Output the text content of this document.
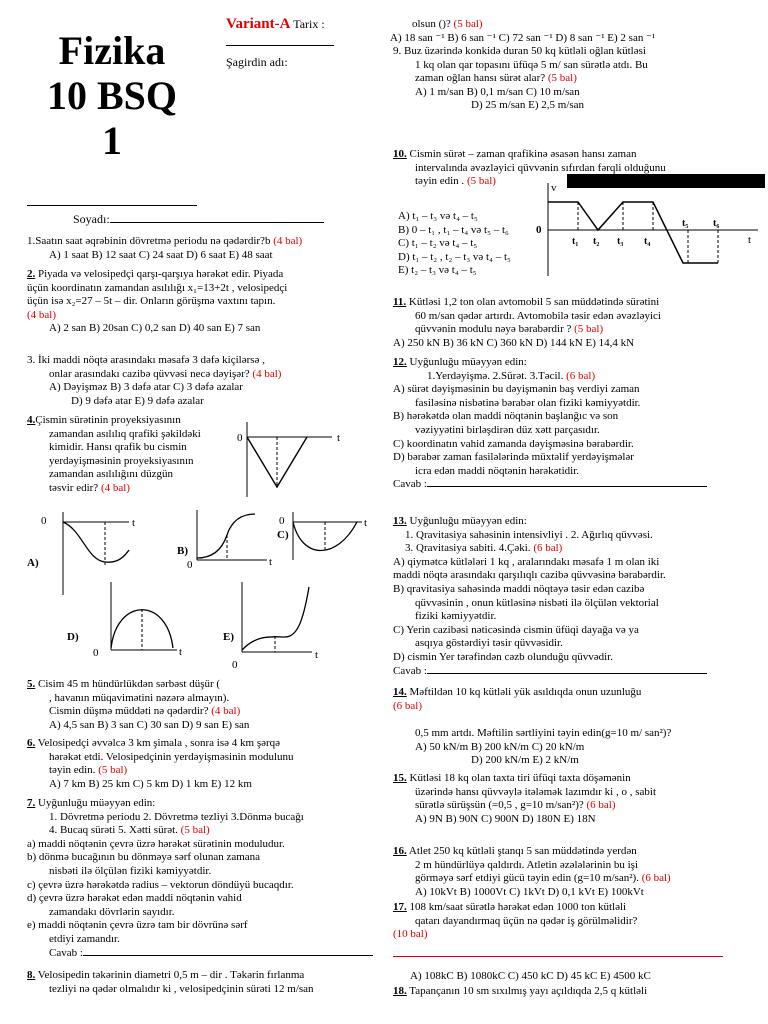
Fizika
10 BSQ
1
Soyadı:
1.Saatın saat əqrəbinin dövretmə periodu nə qədərdir?b (4 bal)
A) 1 saat B) 12 saat C) 24 saat D) 6 saat E) 48 saat
2. Piyada və velosipedçi qarşı-qarşıya hərəkət edir. Piyada
üçün koordinatın zamandan asılılığı x₁=13+2t , velosipedçi
üçün isə x₂=27 – 5t – dir. Onların görüşmə vaxtını tapın.
(4 bal)
A) 2 san B) 20san C) 0,2 san D) 40 san E) 7 san
3. İki maddi nöqtə arasındakı məsafə 3 dəfə kiçilərsə ,
onlar arasındakı cazibə qüvvəsi necə dəyişər? (4 bal)
A) Dəyişməz B) 3 dəfə atar C) 3 dəfə azalar
D) 9 dəfə atar E) 9 dəfə azalar
4.Çismin sürətinin proyeksiyasının
zamandan asılılıq qrafiki şəkildəki
kimidir. Hansı qrafik bu cismin
yerdəyişməsinin proyeksiyasının
zamandan asılılığını düzgün
təsvir edir? (4 bal)
0	t
0	t
A)
B)
0	t
0
C)
t
D)
0	t
E)
0
t
5. Cisim 45 m hündürlükdən sərbəst düşür (
, havanın müqavimətini nəzərə almayın).
Cismin düşmə müddəti nə qədərdir? (4 bal)
A) 4,5 san B) 3 san C) 30 san D) 9 san E) san
6. Velosipedçi əvvəlcə 3 km şimala , sonra isə 4 km şərqə
hərəkət etdi. Velosipedçinin yerdəyişməsinin modulunu
təyin edin. (5 bal)
A) 7 km B) 25 km C) 5 km D) 1 km E) 12 km
7. Uyğunluğu müəyyən edin:
1. Dövretmə periodu 2. Dövretmə tezliyi 3.Dönmə bucağı
4. Bucaq sürəti 5. Xətti sürət. (5 bal)
a) maddi nöqtənin çevrə üzrə hərəkət sürətinin moduludur.
b) dönmə bucağının bu dönməyə sərf olunan zamana
nisbəti ilə ölçülən fiziki kəmiyyətdir.
c) çevrə üzrə hərəkətdə radius – vektorun döndüyü bucaqdır.
d) çevrə üzrə hərəkət edən maddi nöqtənin vahid
zamandakı dövrlərin sayıdır.
e) maddi nöqtənin çevrə üzrə tam bir dövrünə sərf
etdiyi zamandır.
Cavab :
8. Velosipedin təkərinin diametri 0,5 m – dir . Təkərin fırlanma
tezliyi nə qədər olmalıdır ki , velosipedçinin sürəti 12 m/san
Variant-A Tarix :
Şagirdin adı:
olsun ()? (5 bal)
A) 18 san ⁻¹ B) 6 san ⁻¹ C) 72 san ⁻¹ D) 8 san ⁻¹ E) 2 san ⁻¹
9. Buz üzərində konkidə duran 50 kq kütləli oğlan kütləsi
1 kq olan qar topasını üfüqə 5 m/ san sürətlə atdı. Bu
zaman oğlan hansı sürət alar? (5 bal)
A) 1 m/san B) 0,1 m/san C) 10 m/san
D) 25 m/san E) 2,5 m/san
10. Cismin sürət – zaman qrafikinə əsasən hansı zaman
intervalında əvəzləyici qüvvənin sıfırdan fərqli olduğunu
təyin edin . (5 bal)
A) t₁ – t₃ və t₄ – t₅
B) 0 – t₁ , t₁ – t₄ və t₅ – t₆
C) t₁ – t₂ və t₄ – t₅
D) t₁ – t₂ , t₂ – t₃ və t₄ – t₅
E) t₂ – t₃ və t₄ – t₅
v
0
t
t₁ t₂ t₃ t₄
t₅ t₆
11. Kütləsi 1,2 ton olan avtomobil 5 san müddətində sürətini
60 m/san qədər artırdı. Avtomobilə təsir edən əvəzləyici
qüvvənin modulu nəyə bərabərdir ? (5 bal)
A) 250 kN B) 36 kN C) 360 kN D) 144 kN E) 14,4 kN
12. Uyğunluğu müəyyən edin:
1.Yerdəyişmə. 2.Sürət. 3.Təcil. (6 bal)
A) sürət dəyişməsinin bu dəyişmənin baş verdiyi zaman
fasiləsinə nisbətinə bərabər olan fiziki kəmiyyətdir.
B) hərəkətdə olan maddi nöqtənin başlanğıc və son
vəziyyətini birləşdirən düz xətt parçasıdır.
C) koordinatın vahid zamanda dəyişməsinə bərabərdir.
D) bərabər zaman fasilələrində müxtəlif yerdəyişmələr
icra edən maddi nöqtənin hərəkətidir.
Cavab :
13. Uyğunluğu müəyyən edin:
1. Qravitasiya sahəsinin intensivliyi . 2. Ağırlıq qüvvəsi.
3. Qravitasiya sabiti. 4.Çəki. (6 bal)
A) qiymətcə kütlələri 1 kq , aralarındakı məsafə 1 m olan iki
maddi nöqtə arasındakı qarşılıqlı cazibə qüvvəsinə bərabərdir.
B) qravitasiya sahəsində maddi nöqtəyə təsir edən cazibə
qüvvəsinin , onun kütləsinə nisbəti ilə ölçülən vektorial
fiziki kəmiyyətdir.
C) Yerin cazibəsi nəticəsində cismin üfüqi dayağa və ya
asqıya göstərdiyi təsir qüvvəsidir.
D) cismin Yer tərəfindən cəzb olunduğu qüvvədir.
Cavab :
14. Məftildən 10 kq kütləli yük asıldıqda onun uzunluğu
(6 bal)
0,5 mm artdı. Məftilin sərtliyini təyin edin(g=10 m/ san²)?
A) 50 kN/m B) 200 kN/m C) 20 kN/m
D) 200 kN/m E) 2 kN/m
15. Kütləsi 18 kq olan taxta tiri üfüqi taxta döşəmənin
üzərində hansı qüvvəylə itələmək lazımdır ki , o , sabit
sürətlə sürüşsün (=0,5 , g=10 m/san²)? (6 bal)
A) 9N B) 90N C) 900N D) 180N E) 18N
16. Atlet 250 kq kütləli ştanqı 5 san müddətində yerdən
2 m hündürlüyə qaldırdı. Atletin əzələlərinin bu işi
görməyə sərf etdiyi gücü təyin edin (g=10 m/san²). (6 bal)
A) 10kVt B) 1000Vt C) 1kVt D) 0,1 kVt E) 100kVt
17. 108 km/saat sürətlə hərəkət edən 1000 ton kütləli
qatarı dayandırmaq üçün nə qədər iş görülməlidir?
(10 bal)
A) 108kC B) 1080kC C) 450 kC D) 45 kC E) 4500 kC
18. Tapançanın 10 sm sıxılmış yayı açıldıqda 2,5 q kütləli
